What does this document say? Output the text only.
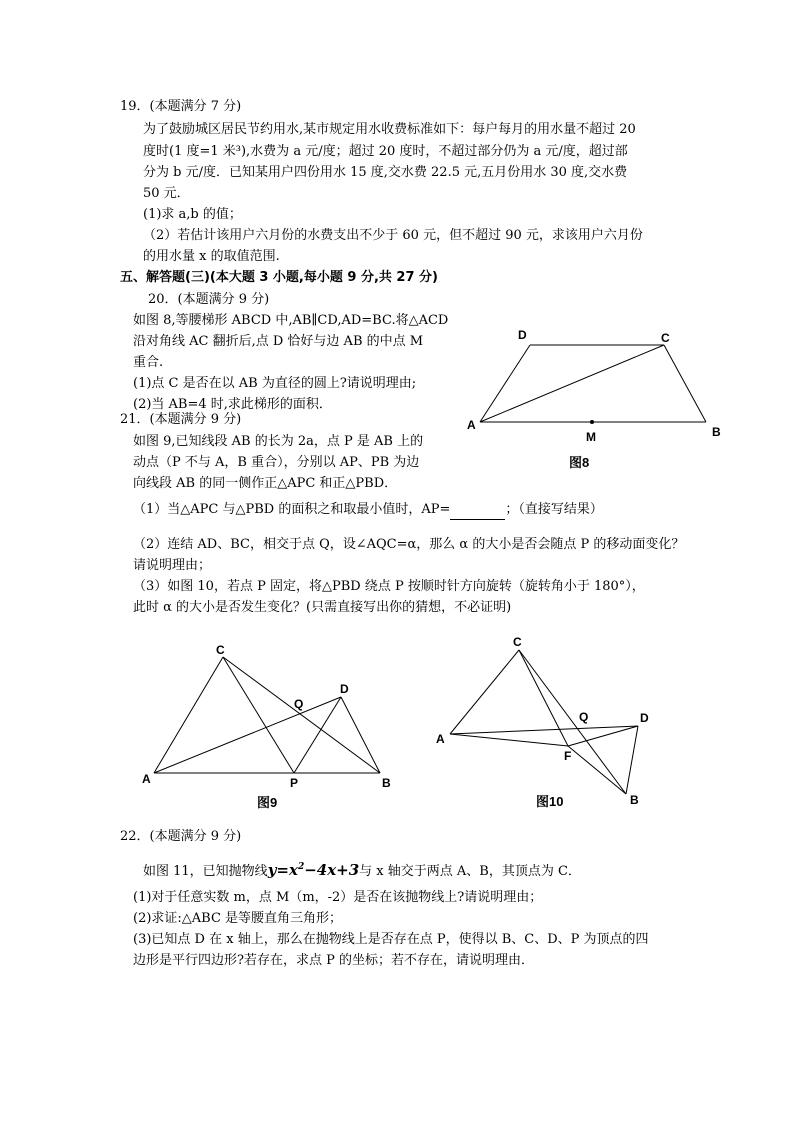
19．(本题满分 7 分)
为了鼓励城区居民节约用水,某市规定用水收费标准如下：每户每月的用水量不超过 20
度时(1 度=1 米³),水费为 a 元/度；超过 20 度时，不超过部分仍为 a 元/度，超过部
分为 b 元/度．已知某用户四份用水 15 度,交水费 22.5 元,五月份用水 30 度,交水费
50 元．
(1)求 a,b 的值；
（2）若估计该用户六月份的水费支出不少于 60 元，但不超过 90 元，求该用户六月份
的用水量 x 的取值范围.
五、解答题(三)(本大题 3 小题,每小题 9 分,共 27 分)
20．(本题满分 9 分)
如图 8,等腰梯形 ABCD 中,AB∥CD,AD=BC.将△ACD
沿对角线 AC 翻折后,点 D 恰好与边 AB 的中点 M
重合.
(1)点 C 是否在以 AB 为直径的圆上?请说明理由;
(2)当 AB=4 时,求此梯形的面积．
D	C
A
M	B
图8
21．(本题满分 9 分)
如图 9,已知线段 AB 的长为 2a，点 P 是 AB 上的
动点（P 不与 A，B 重合），分别以 AP、PB 为边
向线段 AB 的同一侧作正△APC 和正△PBD．
（1）当△APC 与△PBD 的面积之和取最小值时，AP=	；（直接写结果）
（2）连结 AD、BC，相交于点 Q，设∠AQC=α，那么 α 的大小是否会随点 P 的移动面变化？
请说明理由；
（3）如图 10，若点 P 固定，将△PBD 绕点 P 按顺时针方向旋转（旋转角小于 180°），
此时 α 的大小是否发生变化？(只需直接写出你的猜想，不必证明)
C
D
Q
A	P	B
图9
C
Q	D
A
F
B
图10
22．(本题满分 9 分)
如图 11，已知抛物线$y=x^2-4x+3$与 x 轴交于两点 A、B，其顶点为 C．
(1)对于任意实数 m，点 M（m，-2）是否在该抛物线上?请说明理由；
(2)求证:△ABC 是等腰直角三角形；
(3)已知点 D 在 x 轴上，那么在抛物线上是否存在点 P，使得以 B、C、D、P 为顶点的四
边形是平行四边形?若存在，求点 P 的坐标；若不存在，请说明理由．
